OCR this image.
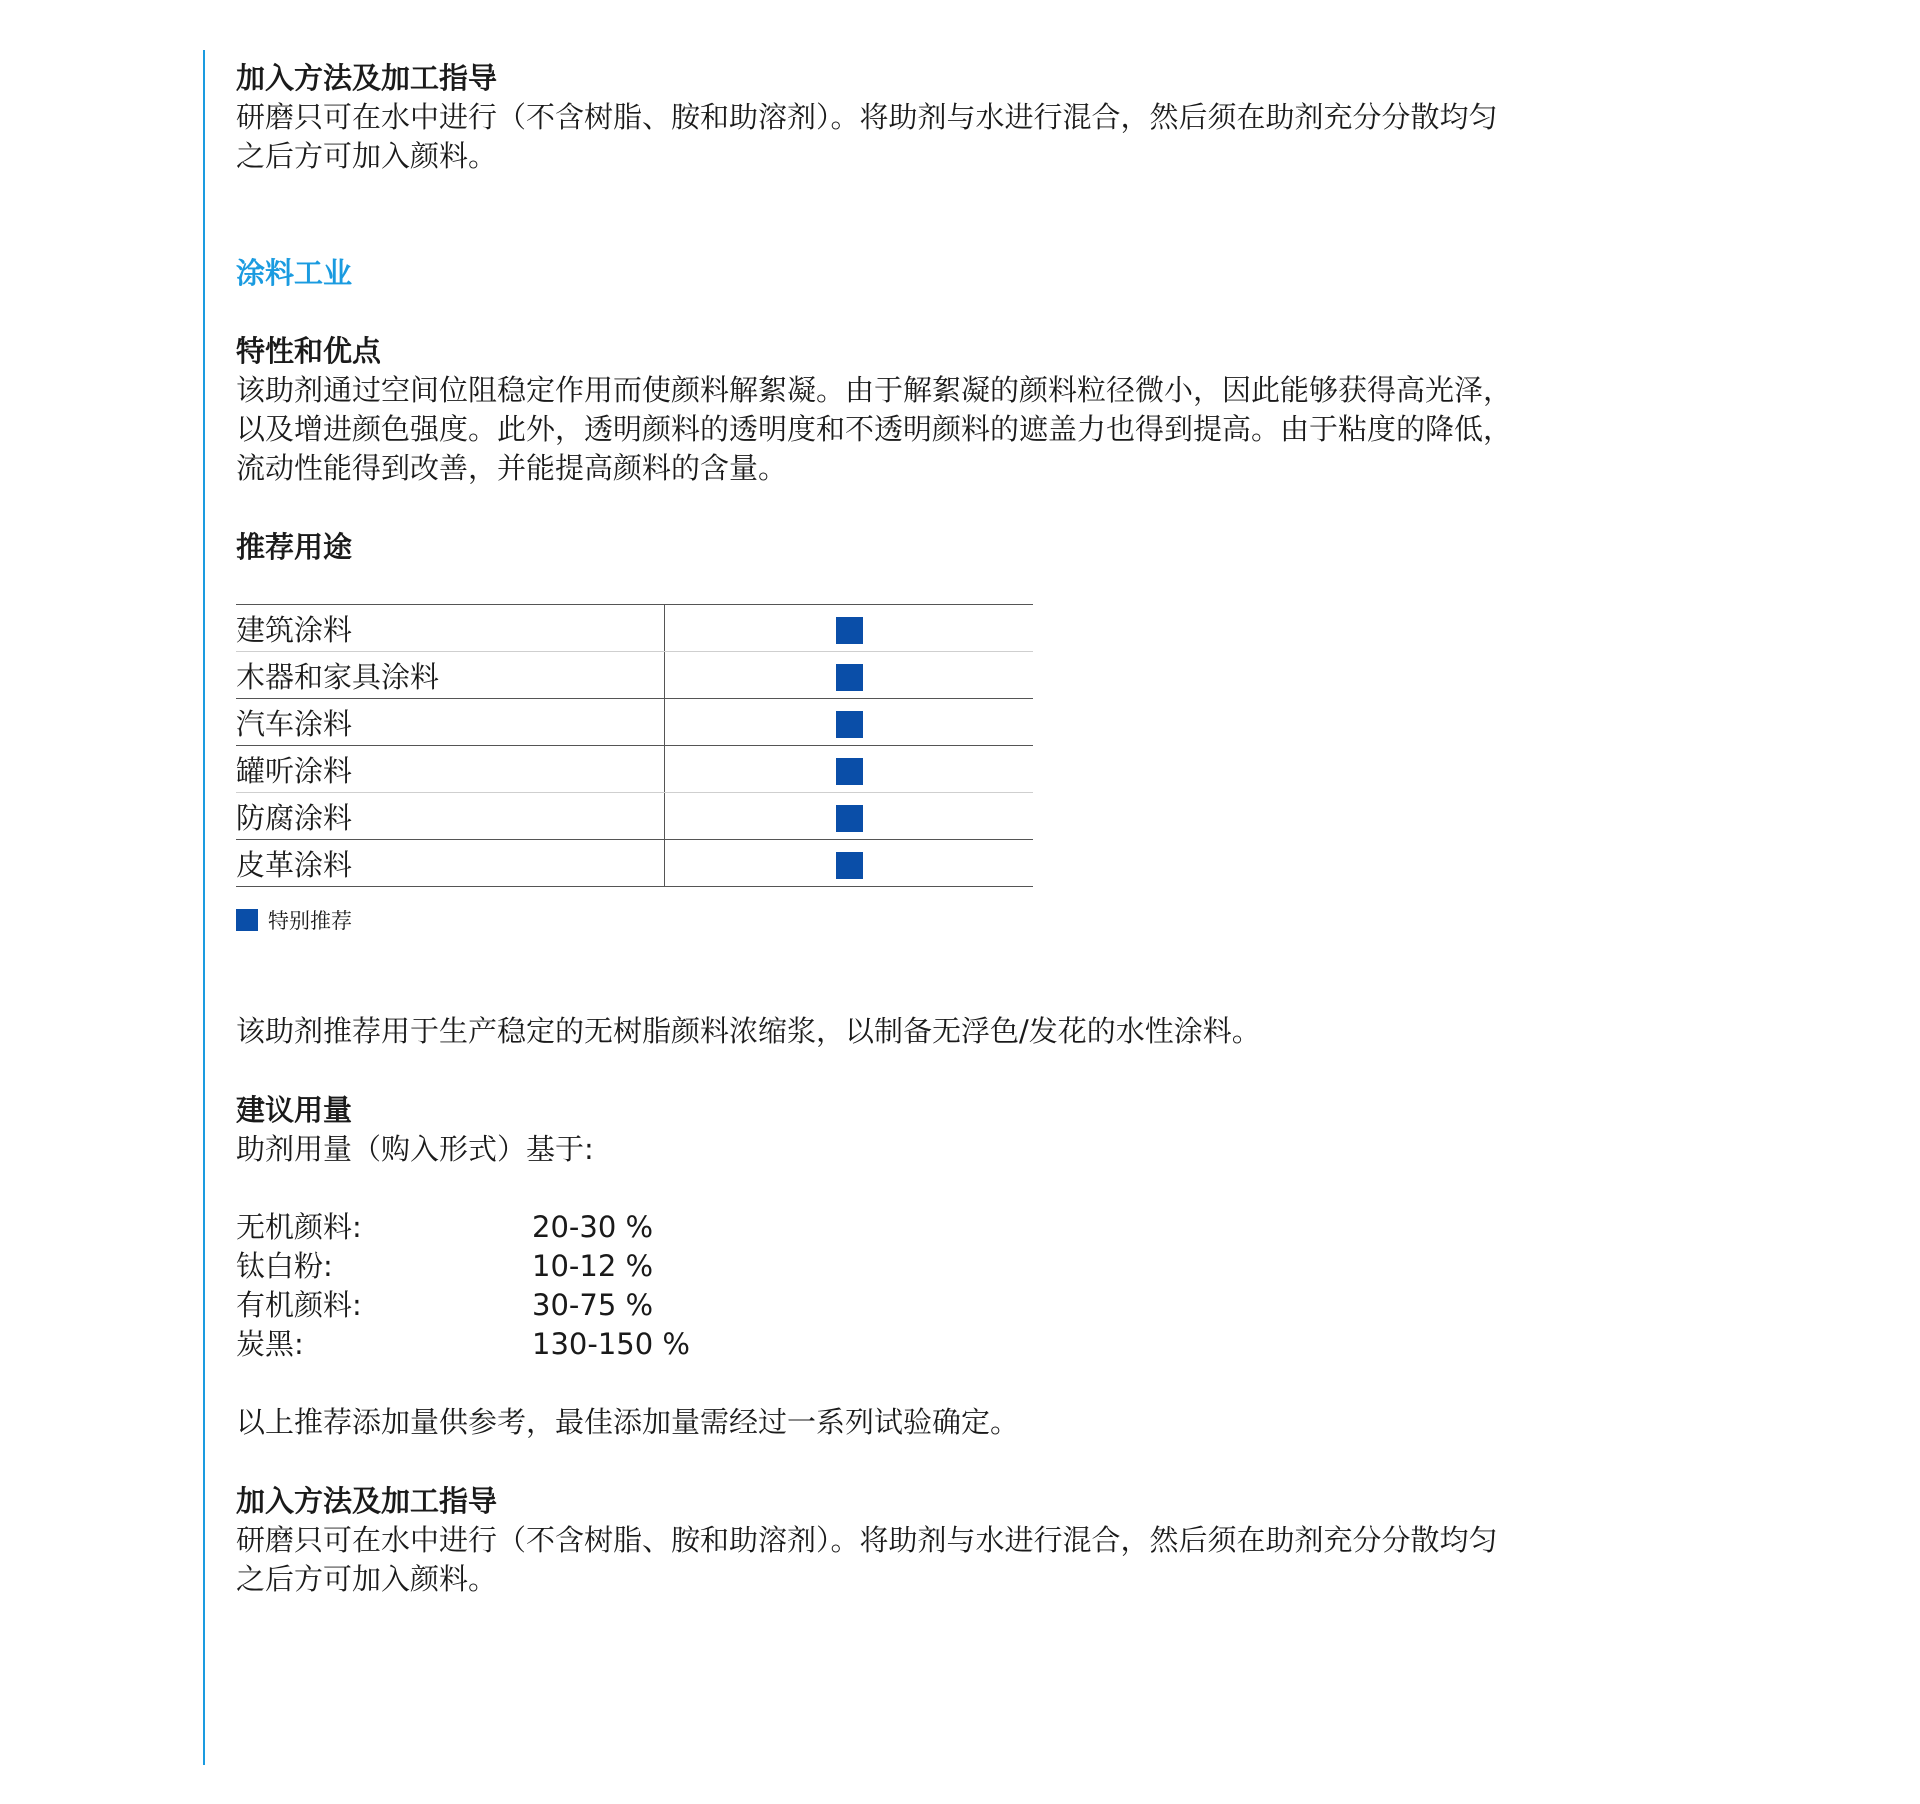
加入方法及加工指导

研磨只可在水中进行（不含树脂、胺和助溶剂）。将助剂与水进行混合，然后须在助剂充分分散均匀

之后方可加入颜料。

涂料工业

特性和优点

该助剂通过空间位阻稳定作用而使颜料解絮凝。由于解絮凝的颜料粒径微小，因此能够获得高光泽，

以及增进颜色强度。此外，透明颜料的透明度和不透明颜料的遮盖力也得到提高。由于粘度的降低，

流动性能得到改善，并能提高颜料的含量。

推荐用途

建筑涂料	
木器和家具涂料	
汽车涂料	
罐听涂料	
防腐涂料	
皮革涂料	
特别推荐

该助剂推荐用于生产稳定的无树脂颜料浓缩浆，以制备无浮色/发花的水性涂料。

建议用量

助剂用量（购入形式）基于:

无机颜料:	20-30 %
钛白粉:	10-12 %
有机颜料:	30-75 %
炭黑:	130-150 %

以上推荐添加量供参考，最佳添加量需经过一系列试验确定。

加入方法及加工指导

研磨只可在水中进行（不含树脂、胺和助溶剂）。将助剂与水进行混合，然后须在助剂充分分散均匀

之后方可加入颜料。
